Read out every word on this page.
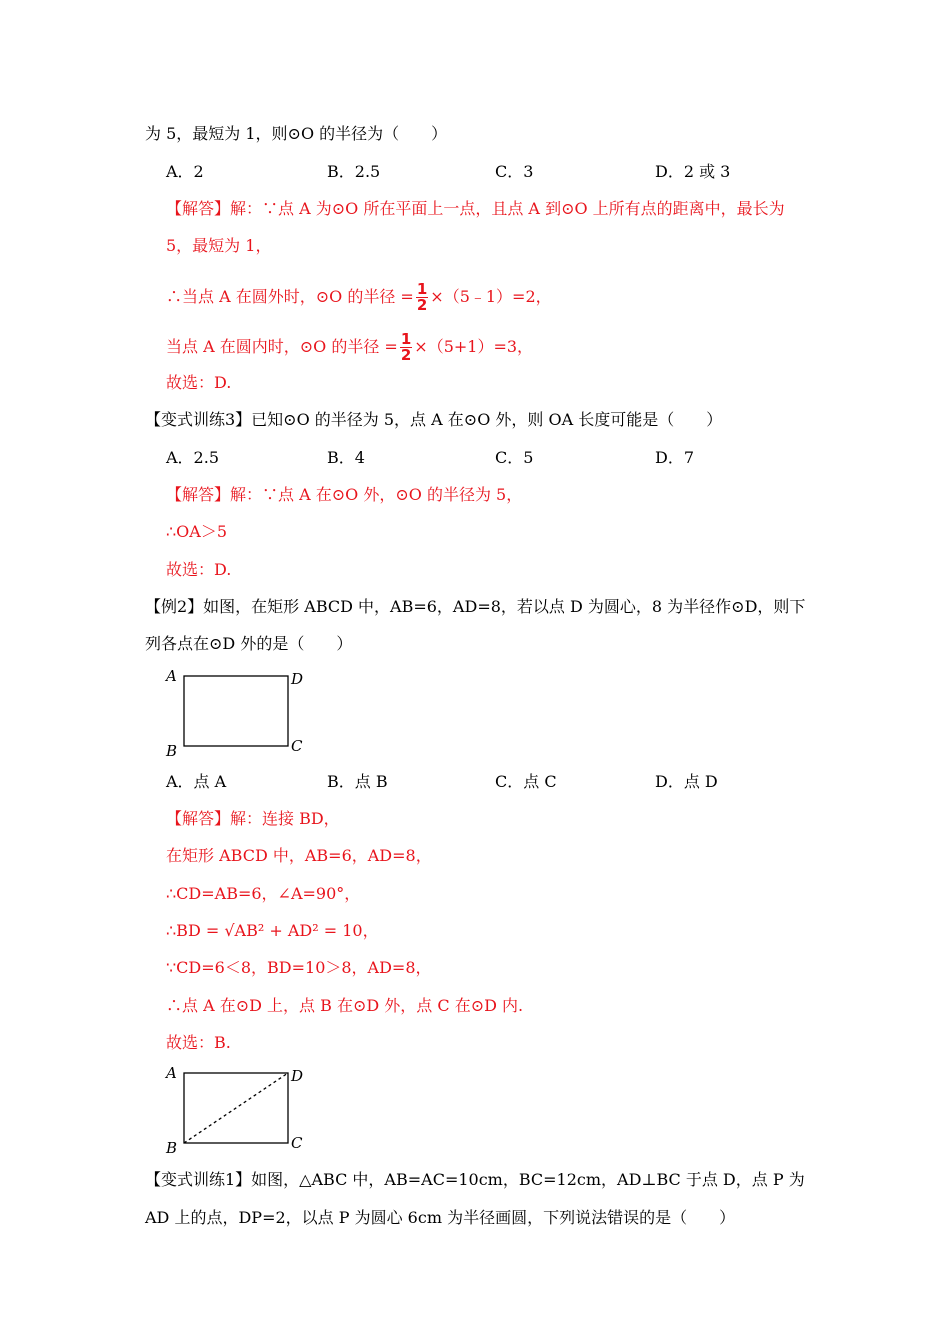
为 5，最短为 1，则⊙O 的半径为（　　）
A．2	B．2.5	C．3	D．2 或 3
【解答】解：∵点 A 为⊙O 所在平面上一点，且点 A 到⊙O 上所有点的距离中，最长为
5，最短为 1，
∴当点 A 在圆外时，⊙O 的半径 = $\frac{1}{2}$ ×（5﹣1）=2，
当点 A 在圆内时，⊙O 的半径 = $\frac{1}{2} \times(5+1)=3$，
故选：D.
【变式训练3】已知⊙O 的半径为 5，点 A 在⊙O 外，则 OA 长度可能是（　　）
A．2.5	B．4	C．5	D．7
【解答】解：∵点 A 在⊙O 外，⊙O 的半径为 5，
∴OA＞5
故选：D.
【例2】如图，在矩形 ABCD 中，AB=6，AD=8，若以点 D 为圆心，8 为半径作⊙D，则下
列各点在⊙D 外的是（　　）
A	D
B	C
A．点 A	B．点 B	C．点 C	D．点 D
【解答】解：连接 BD，
在矩形 ABCD 中，AB=6，AD=8，
∴CD=AB=6，∠A=90°，
∴BD = √AB² + AD² = 10，
∵CD=6＜8，BD=10＞8，AD=8，
∴点 A 在⊙D 上，点 B 在⊙D 外，点 C 在⊙D 内.
故选：B.
A	D
B	C
【变式训练1】如图，△ABC 中，AB=AC=10cm，BC=12cm，AD⊥BC 于点 D，点 P 为
AD 上的点，DP=2，以点 P 为圆心 6cm 为半径画圆，下列说法错误的是（　　）
